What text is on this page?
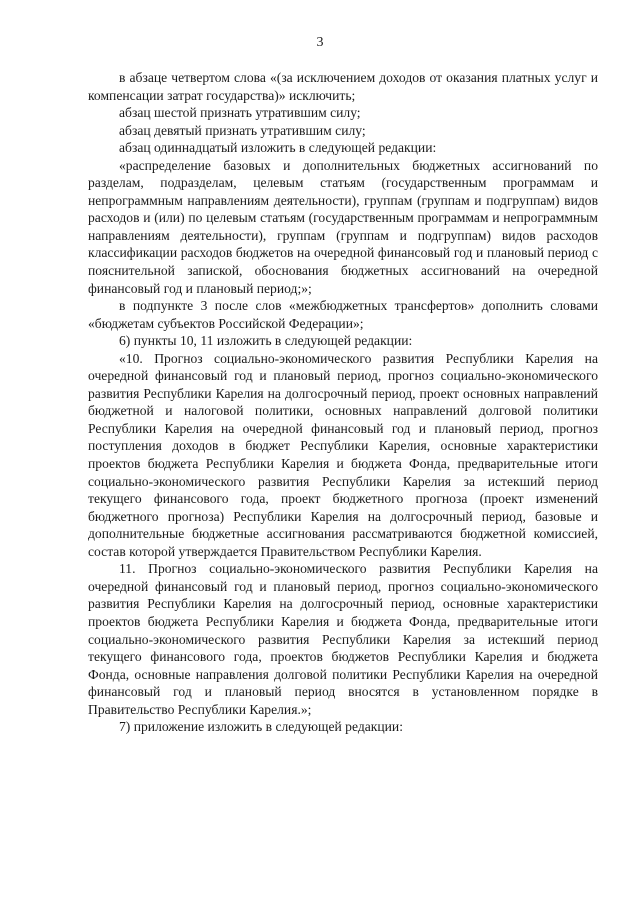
3

в абзаце четвертом слова «(за исключением доходов от оказания платных услуг и компенсации затрат государства)» исключить;

абзац шестой признать утратившим силу;

абзац девятый признать утратившим силу;

абзац одиннадцатый изложить в следующей редакции:

«распределение базовых и дополнительных бюджетных ассигнований по разделам, подразделам, целевым статьям (государственным программам и непрограммным направлениям деятельности), группам (группам и подгруппам) видов расходов и (или) по целевым статьям (государственным программам и непрограммным направлениям деятельности), группам (группам и подгруппам) видов расходов классификации расходов бюджетов на очередной финансовый год и плановый период с пояснительной запиской, обоснования бюджетных ассигнований на очередной финансовый год и плановый период;»;

в подпункте 3 после слов «межбюджетных трансфертов» дополнить словами «бюджетам субъектов Российской Федерации»;

6) пункты 10, 11 изложить в следующей редакции:

«10. Прогноз социально-экономического развития Республики Карелия на очередной финансовый год и плановый период, прогноз социально-экономического развития Республики Карелия на долгосрочный период, проект основных направлений бюджетной и налоговой политики, основных направлений долговой политики Республики Карелия на очередной финансовый год и плановый период, прогноз поступления доходов в бюджет Республики Карелия, основные характеристики проектов бюджета Республики Карелия и бюджета Фонда, предварительные итоги социально-экономического развития Республики Карелия за истекший период текущего финансового года, проект бюджетного прогноза (проект изменений бюджетного прогноза) Республики Карелия на долгосрочный период, базовые и дополнительные бюджетные ассигнования рассматриваются бюджетной комиссией, состав которой утверждается Правительством Республики Карелия.

11. Прогноз социально-экономического развития Республики Карелия на очередной финансовый год и плановый период, прогноз социально-экономического развития Республики Карелия на долгосрочный период, основные характеристики проектов бюджета Республики Карелия и бюджета Фонда, предварительные итоги социально-экономического развития Республики Карелия за истекший период текущего финансового года, проектов бюджетов Республики Карелия и бюджета Фонда, основные направления долговой политики Республики Карелия на очередной финансовый год и плановый период вносятся в установленном порядке в Правительство Республики Карелия.»;

7) приложение изложить в следующей редакции:
